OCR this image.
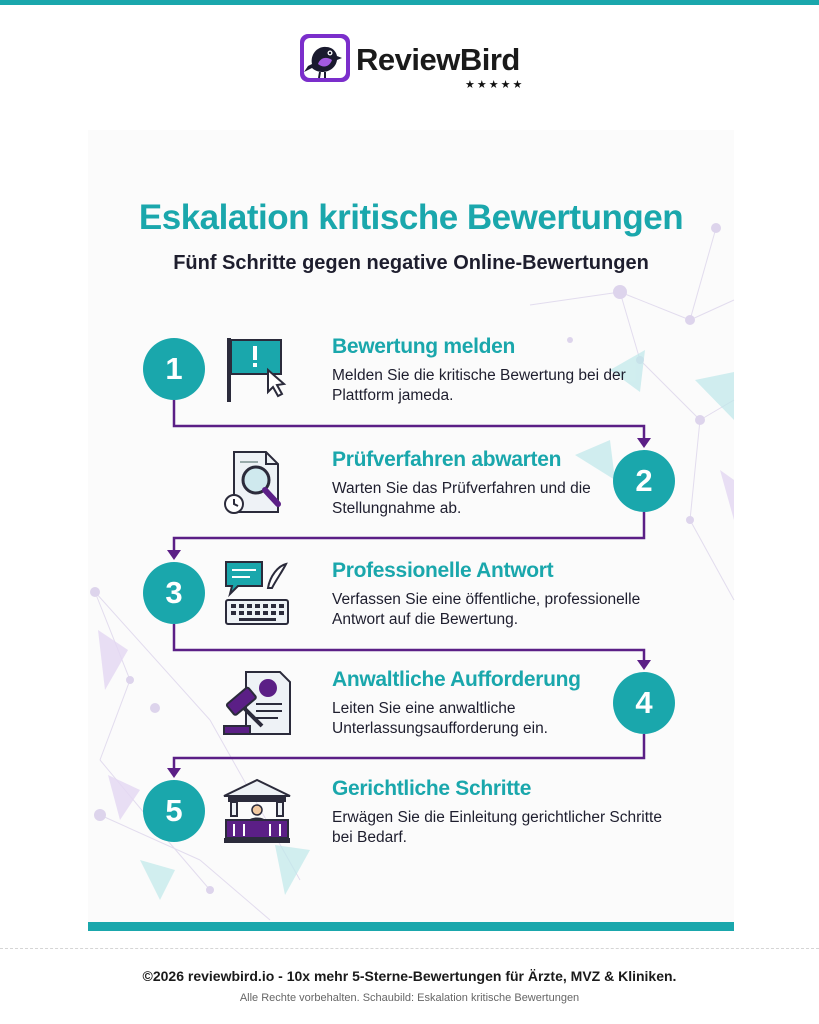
ReviewBird
★★★★★
Eskalation kritische Bewertungen
Fünf Schritte gegen negative Online-Bewertungen
1
Bewertung melden
Melden Sie die kritische Bewertung bei der Plattform jameda.
Prüfverfahren abwarten
Warten Sie das Prüfverfahren und die Stellungnahme ab.
2
3
Professionelle Antwort
Verfassen Sie eine öffentliche, professionelle Antwort auf die Bewertung.
Anwaltliche Aufforderung
Leiten Sie eine anwaltliche Unterlassungsaufforderung ein.
4
5
Gerichtliche Schritte
Erwägen Sie die Einleitung gerichtlicher Schritte bei Bedarf.
©2026 reviewbird.io - 10x mehr 5-Sterne-Bewertungen für Ärzte, MVZ & Kliniken.
Alle Rechte vorbehalten. Schaubild: Eskalation kritische Bewertungen
